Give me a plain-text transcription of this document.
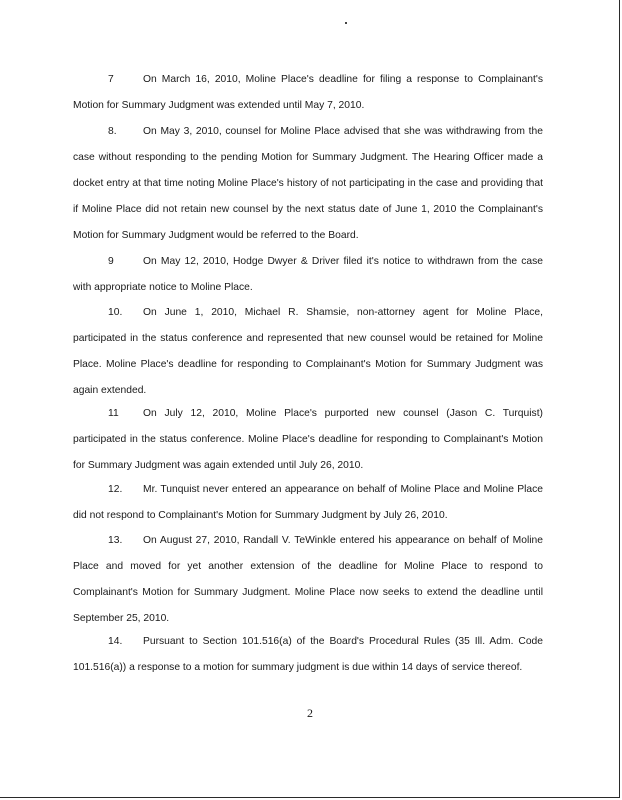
7	On March 16, 2010, Moline Place's deadline for filing a response to Complainant's Motion for Summary Judgment was extended until May 7, 2010.

8.	On May 3, 2010, counsel for Moline Place advised that she was withdrawing from the case without responding to the pending Motion for Summary Judgment. The Hearing Officer made a docket entry at that time noting Moline Place's history of not participating in the case and providing that if Moline Place did not retain new counsel by the next status date of June 1, 2010 the Complainant's Motion for Summary Judgment would be referred to the Board.

9	On May 12, 2010, Hodge Dwyer & Driver filed it's notice to withdrawn from the case with appropriate notice to Moline Place.

10. On June 1, 2010, Michael R. Shamsie, non-attorney agent for Moline Place, participated in the status conference and represented that new counsel would be retained for Moline Place. Moline Place's deadline for responding to Complainant's Motion for Summary Judgment was again extended.

11 On July 12, 2010, Moline Place's purported new counsel (Jason C. Turquist) participated in the status conference. Moline Place's deadline for responding to Complainant's Motion for Summary Judgment was again extended until July 26, 2010.

12. Mr. Tunquist never entered an appearance on behalf of Moline Place and Moline Place did not respond to Complainant's Motion for Summary Judgment by July 26, 2010.

13. On August 27, 2010, Randall V. TeWinkle entered his appearance on behalf of Moline Place and moved for yet another extension of the deadline for Moline Place to respond to Complainant's Motion for Summary Judgment. Moline Place now seeks to extend the deadline until September 25, 2010.

14. Pursuant to Section 101.516(a) of the Board's Procedural Rules (35 Ill. Adm. Code 101.516(a)) a response to a motion for summary judgment is due within 14 days of service thereof.

2
